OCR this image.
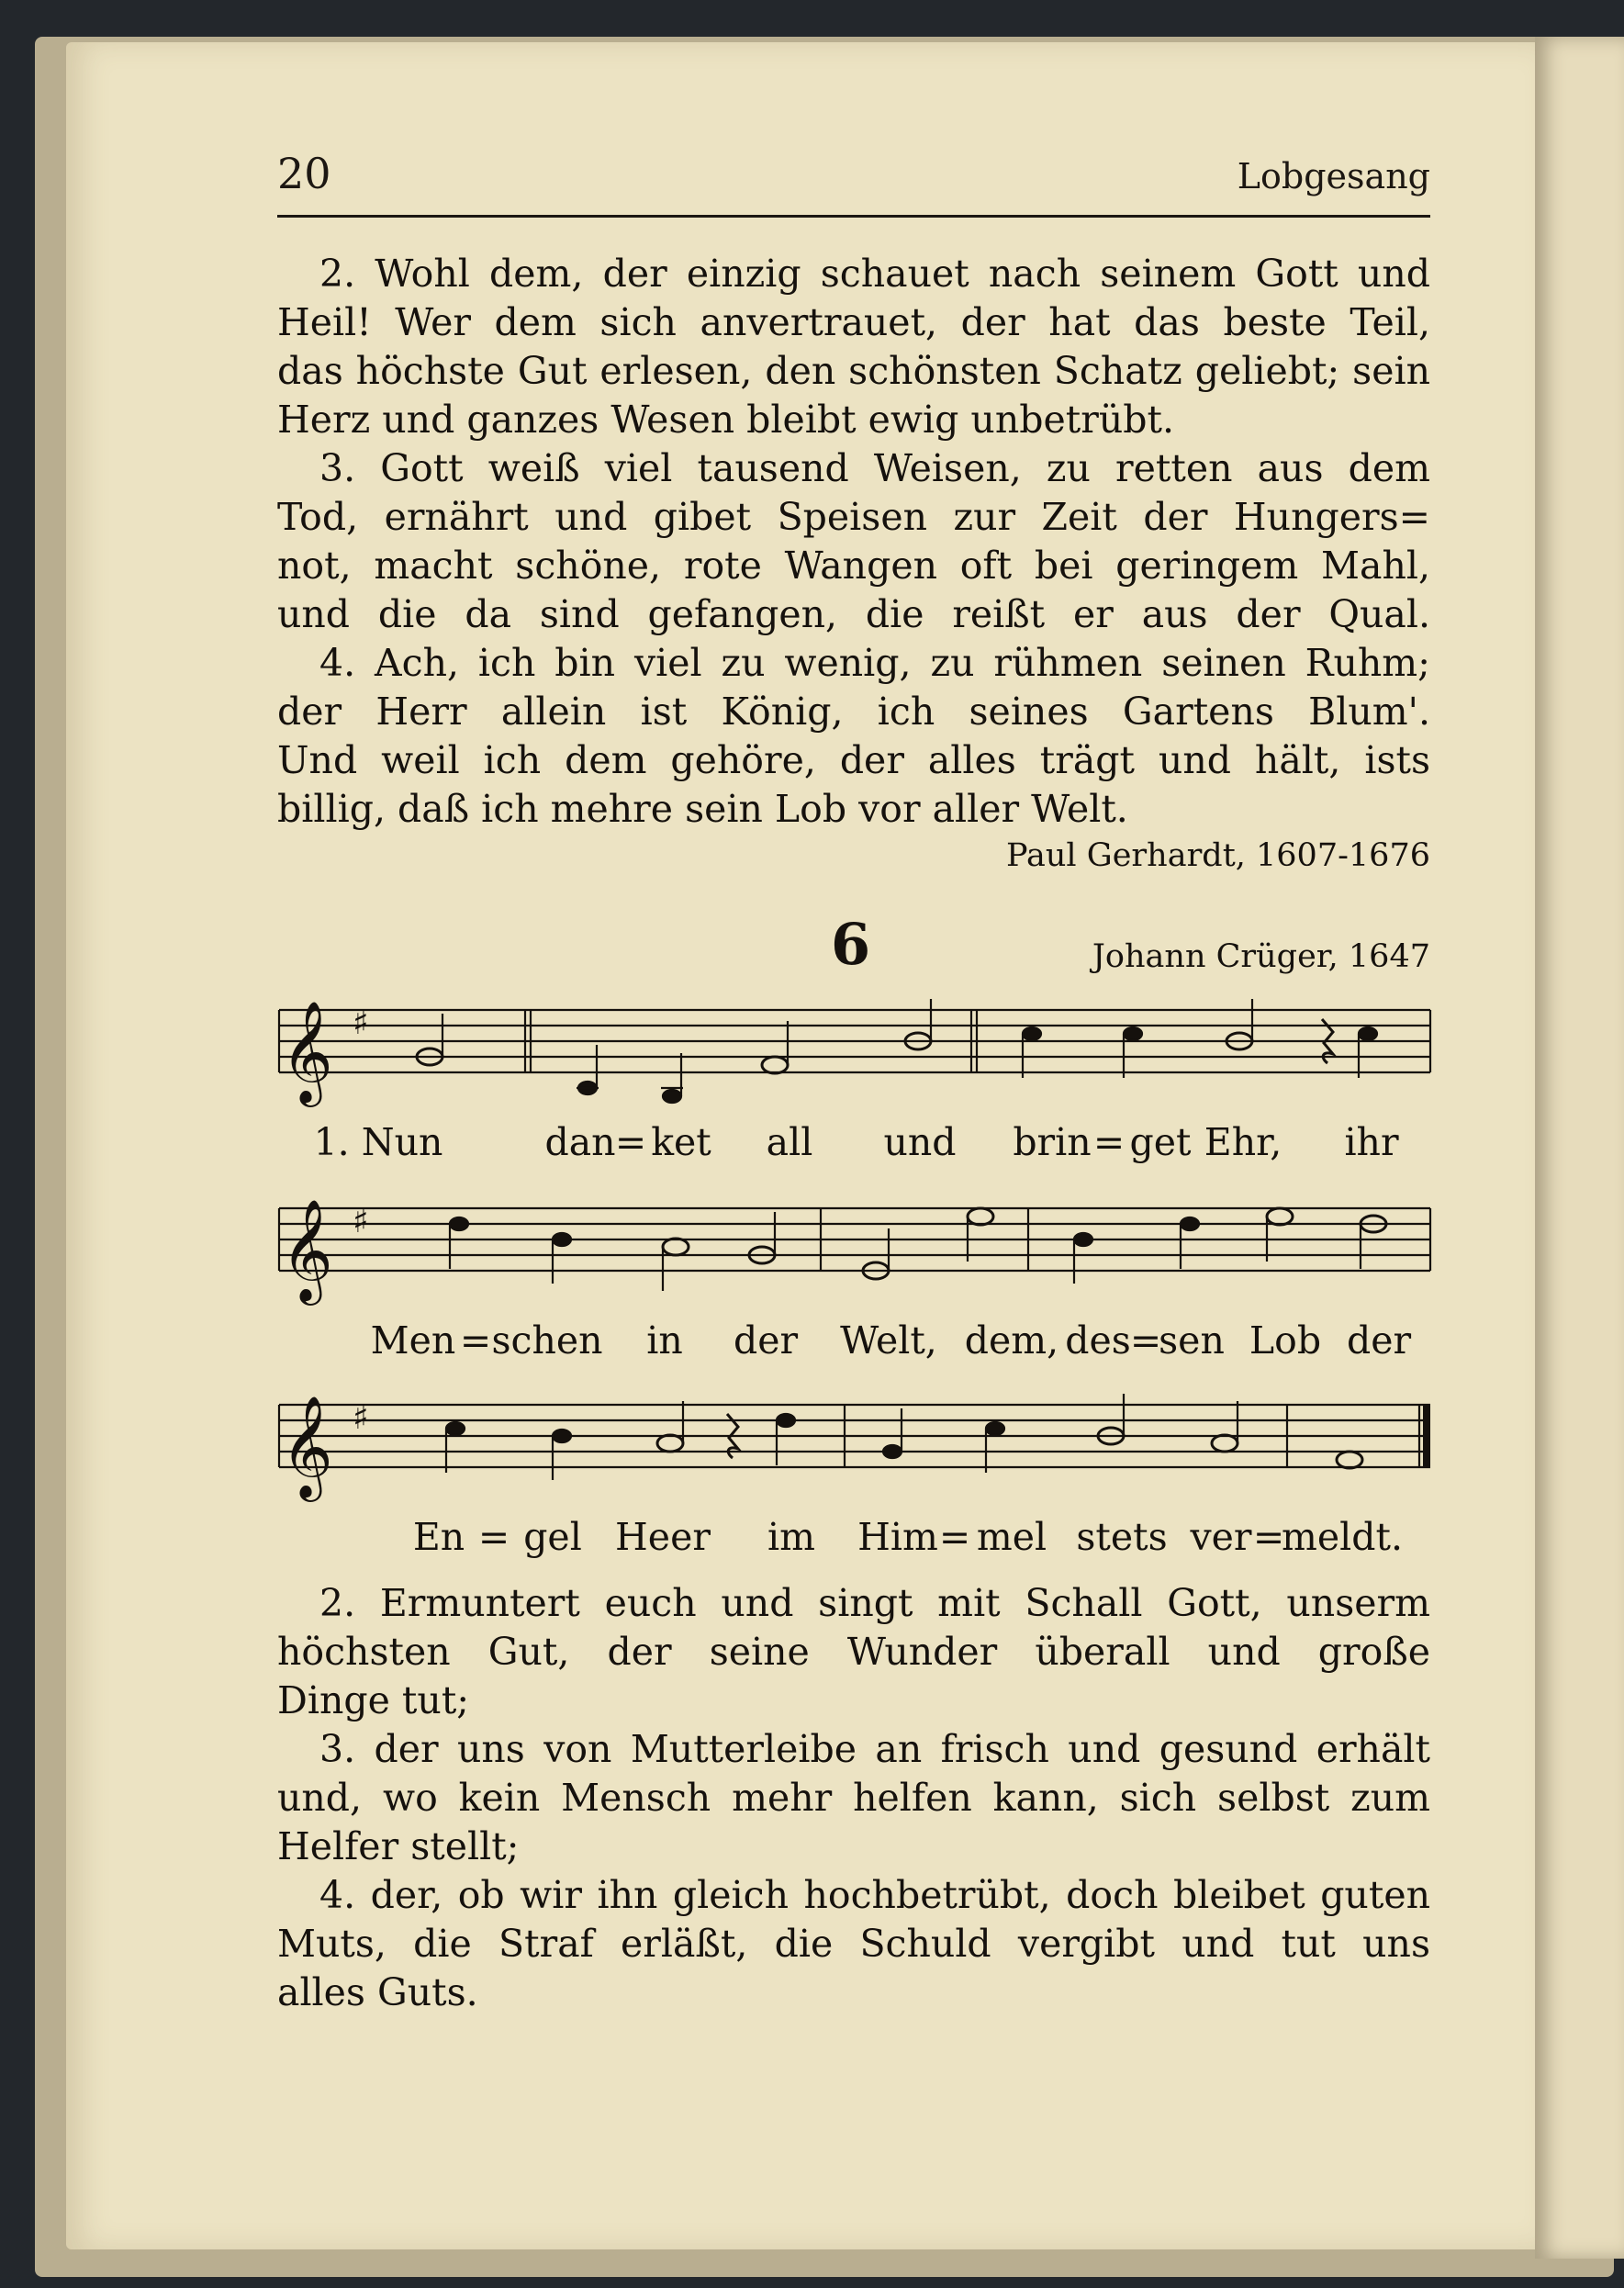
20	Lobgesang
2. Wohl dem, der einzig schauet nach seinem Gott und
Heil! Wer dem sich anvertrauet, der hat das beste Teil,
das höchste Gut erlesen, den schönsten Schatz geliebt; sein
Herz und ganzes Wesen bleibt ewig unbetrübt.
3. Gott weiß viel tausend Weisen, zu retten aus dem
Tod, ernährt und gibet Speisen zur Zeit der Hungers=
not, macht schöne, rote Wangen oft bei geringem Mahl,
und die da sind gefangen, die reißt er aus der Qual.
4. Ach, ich bin viel zu wenig, zu rühmen seinen Ruhm;
der Herr allein ist König, ich seines Gartens Blum'.
Und weil ich dem gehöre, der alles trägt und hält, ists
billig, daß ich mehre sein Lob vor aller Welt.
Paul Gerhardt, 1607-1676
6	Johann Crüger, 1647
𝄞 ♯
1. Nun	dan = ket all und brin = get Ehr, ihr
𝄞 ♯
Men = schen in der Welt, dem, des =
sen Lob der
𝄞 ♯
En = gel Heer im Him = mel stets ver =
meldt.
2. Ermuntert euch und singt mit Schall Gott, unserm
höchsten Gut, der seine Wunder überall und große
Dinge tut;
3. der uns von Mutterleibe an frisch und gesund erhält
und, wo kein Mensch mehr helfen kann, sich selbst zum
Helfer stellt;
4. der, ob wir ihn gleich hochbetrübt, doch bleibet guten
Muts, die Straf erläßt, die Schuld vergibt und tut uns
alles Guts.
